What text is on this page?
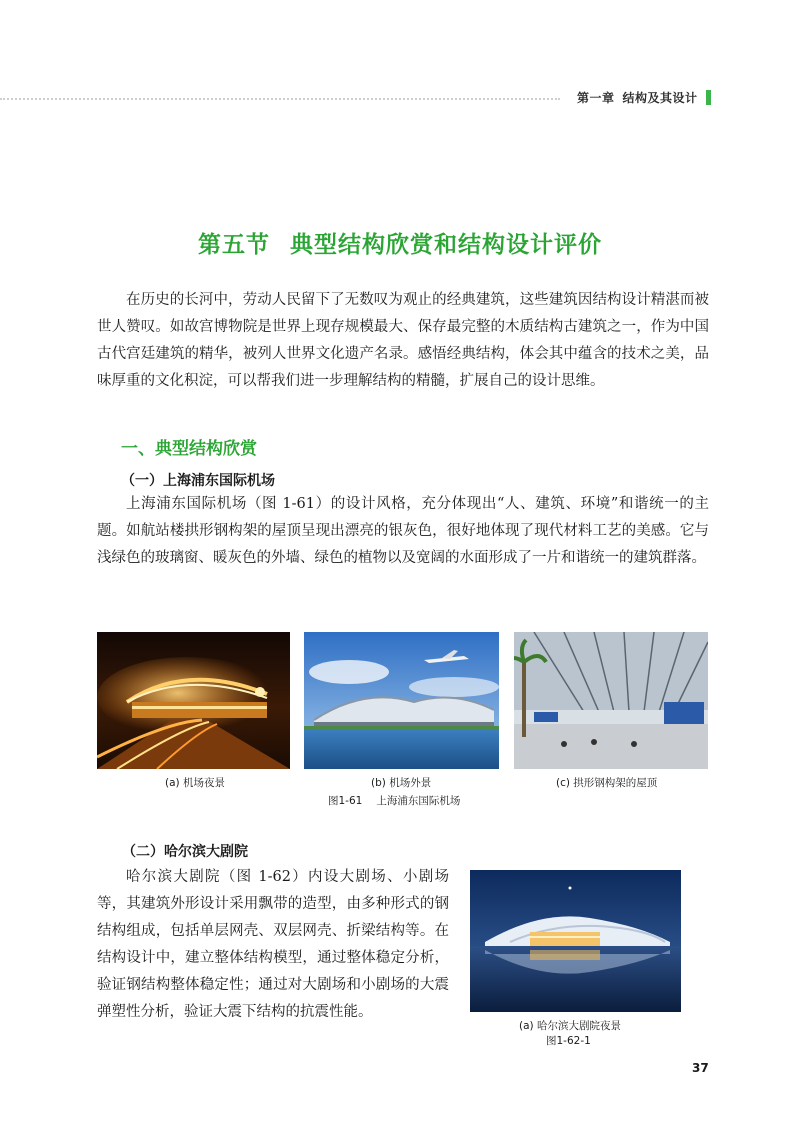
第一章 结构及其设计
第五节 典型结构欣赏和结构设计评价

在历史的长河中，劳动人民留下了无数叹为观止的经典建筑，这些建筑因结构设计精湛而被世人赞叹。如故宫博物院是世界上现存规模最大、保存最完整的木质结构古建筑之一，作为中国古代宫廷建筑的精华，被列人世界文化遗产名录。感悟经典结构，体会其中蕴含的技术之美，品味厚重的文化积淀，可以帮我们进一步理解结构的精髓，扩展自己的设计思维。

一、典型结构欣赏
（一）上海浦东国际机场

上海浦东国际机场（图 1-61）的设计风格，充分体现出“人、建筑、环境”和谐统一的主题。如航站楼拱形钢构架的屋顶呈现出漂亮的银灰色，很好地体现了现代材料工艺的美感。它与浅绿色的玻璃窗、暖灰色的外墙、绿色的植物以及宽阔的水面形成了一片和谐统一的建筑群落。

(a) 机场夜景	(b) 机场外景	(c) 拱形钢构架的屋顶
图1-61 上海浦东国际机场
（二）哈尔滨大剧院

哈尔滨大剧院（图 1-62）内设大剧场、小剧场等，其建筑外形设计采用飘带的造型，由多种形式的钢结构组成，包括单层网壳、双层网壳、折梁结构等。在结构设计中，建立整体结构模型，通过整体稳定分析，验证钢结构整体稳定性；通过对大剧场和小剧场的大震弹塑性分析，验证大震下结构的抗震性能。

(a) 哈尔滨大剧院夜景
图1-62-1
37
